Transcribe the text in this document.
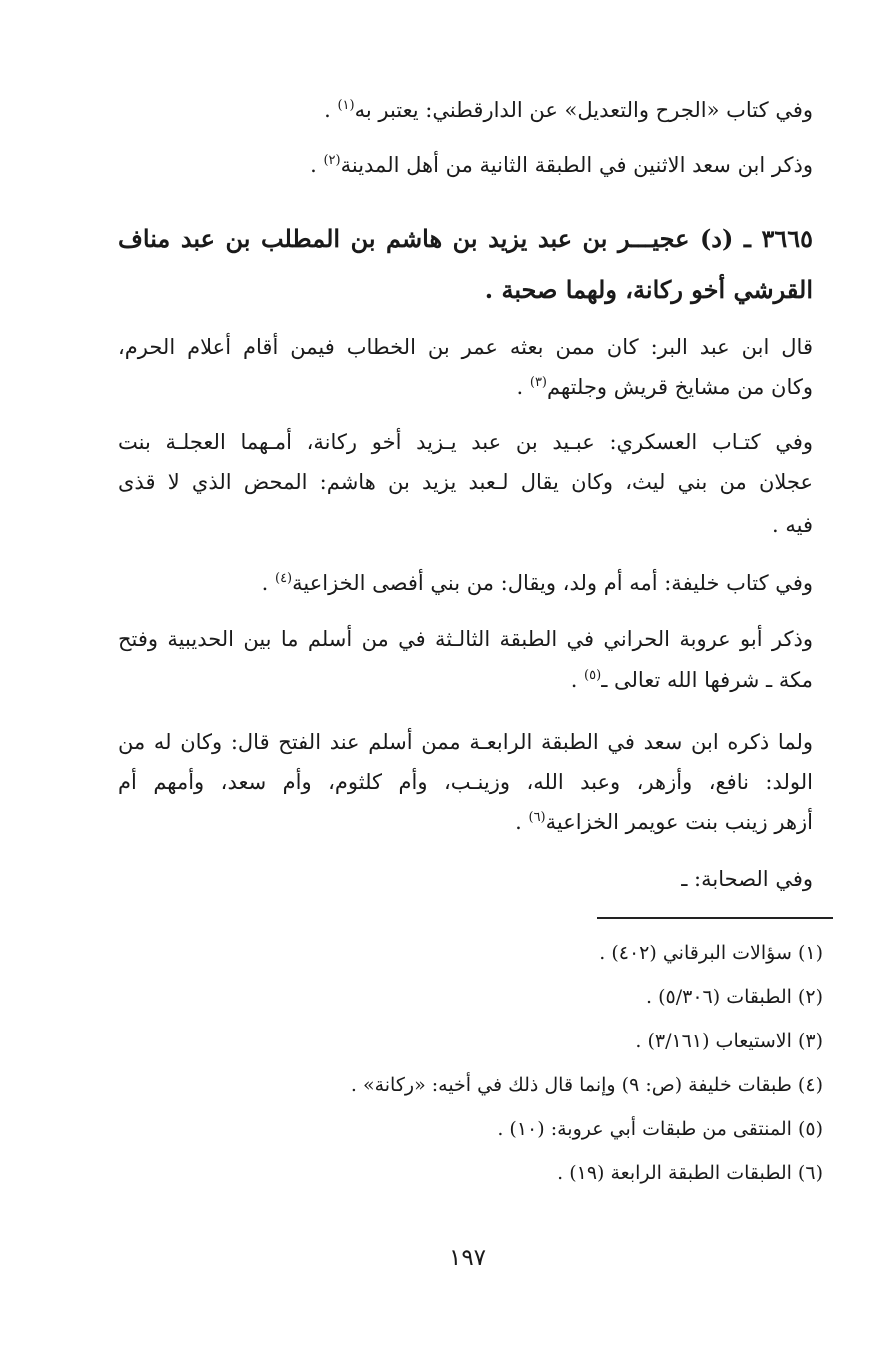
وفي كتاب «الجرح والتعديل» عن الدارقطني: يعتبر به$^{(١)}$ .
وذكر ابن سعد الاثنين في الطبقة الثانية من أهل المدينة$^{(٢)}$ .
٣٦٦٥ ـ (د) عجيـــر بن عبد يزيد بن هاشم بن المطلب بن عبد مناف
القرشي أخو ركانة، ولهما صحبة .
قال ابن عبد البر: كان ممن بعثه عمر بن الخطاب فيمن أقام أعلام الحرم،
وكان من مشايخ قريش وجلتهم$^{(٣)}$ .
وفي كتـاب العسكري: عبـيد بن عبد يـزيد أخو ركانة، أمـهما العجلـة بنت
عجلان من بني ليث، وكان يقال لـعبد يزيد بن هاشم: المحض الذي لا قذى
فيه .
وفي كتاب خليفة: أمه أم ولد، ويقال: من بني أفصى الخزاعية$^{(٤)}$ .
وذكر أبو عروبة الحراني في الطبقة الثالـثة في من أسلم ما بين الحديبية وفتح
مكة ـ شرفها الله تعالى ـ$^{(٥)}$ .
ولما ذكره ابن سعد في الطبقة الرابعـة ممن أسلم عند الفتح قال: وكان له من
الولد: نافع، وأزهر، وعبد الله، وزينـب، وأم كلثوم، وأم سعد، وأمهم أم
أزهر زينب بنت عويمر الخزاعية$^{(٦)}$ .
وفي الصحابة: ـ
(١) سؤالات البرقاني (٤٠٢) .
(٢) الطبقات (٥/٣٠٦) .
(٣) الاستيعاب (٣/١٦١) .
(٤) طبقات خليفة (ص: ٩) وإنما قال ذلك في أخيه: «ركانة» .
(٥) المنتقى من طبقات أبي عروبة: (١٠) .
(٦) الطبقات الطبقة الرابعة (١٩) .
١٩٧
